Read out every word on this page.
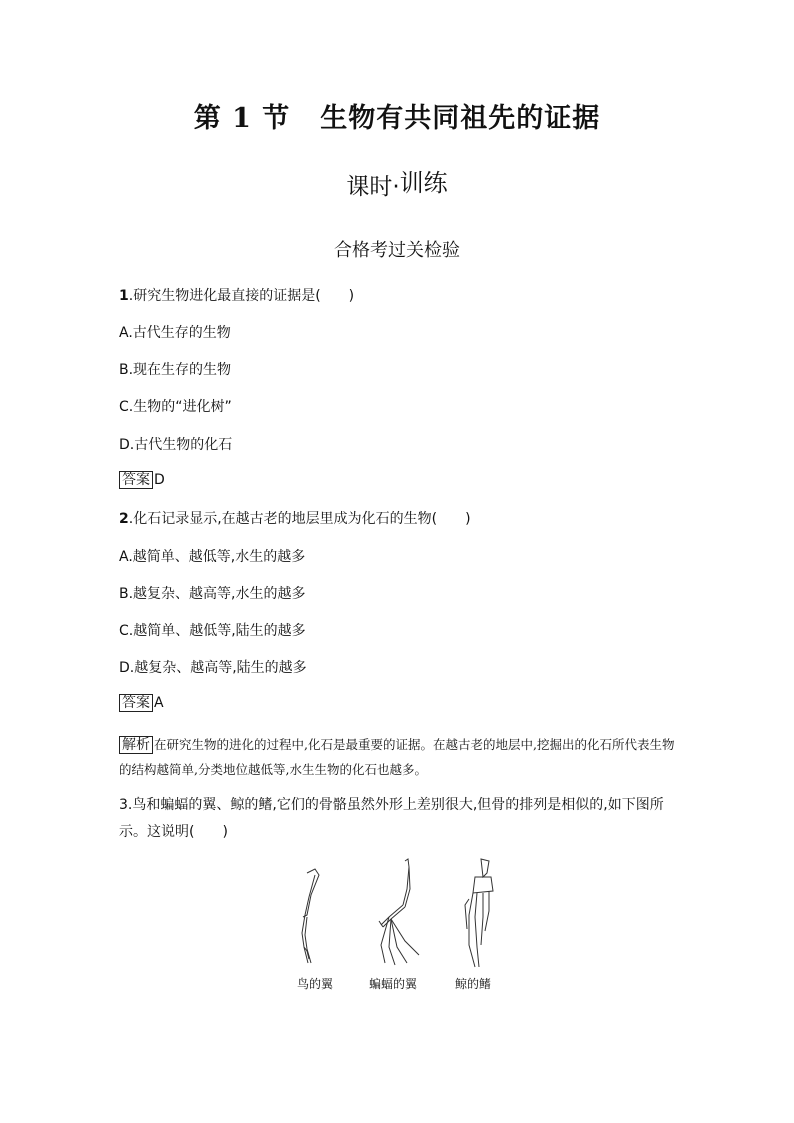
第 1 节 生物有共同祖先的证据
课时·训练
合格考过关检验
1.研究生物进化最直接的证据是(　　)
A.古代生存的生物
B.现在生存的生物
C.生物的“进化树”
D.古代生物的化石
答案 D
2.化石记录显示,在越古老的地层里成为化石的生物(　　)
A.越简单、越低等,水生的越多
B.越复杂、越高等,水生的越多
C.越简单、越低等,陆生的越多
D.越复杂、越高等,陆生的越多
答案 A
解析 在研究生物的进化的过程中,化石是最重要的证据。在越古老的地层中,挖掘出的化石所代表生物的结构越简单,分类地位越低等,水生生物的化石也越多。
3.鸟和蝙蝠的翼、鲸的鳍,它们的骨骼虽然外形上差别很大,但骨的排列是相似的,如下图所示。这说明(　　)
鸟的翼	蝙蝠的翼	鲸的鳍
